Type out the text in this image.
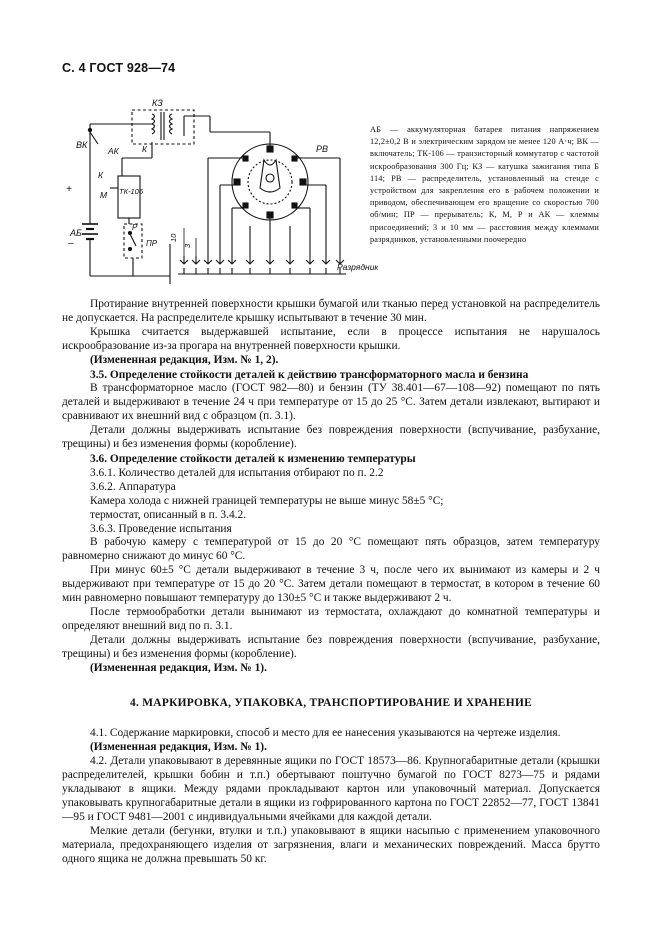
С. 4 ГОСТ 928—74
КЗ
ВК
АК	К
К
М ТК-106
Р
ПР
+
–
АБ
РВ
10
3
Разрядник

АБ — аккумуляторная батарея питания напряжением 12,2±0,2 В и электрическим зарядом не менее 120 А·ч; ВК — включатель; ТК-106 — транзисторный коммутатор с частотой искрообразования 300 Гц; КЗ — катушка зажигания типа Б 114; РВ — распределитель, установленный на стенде с устройством для закрепления его в рабочем положении и приводом, обеспечивающем его вращение со скоростью 700 об/мин; ПР — прерыватель; К, М, Р и АК — клеммы присоединений; 3 и 10 мм — расстояния между клеммами разрядников, установленными поочередно

Протирание внутренней поверхности крышки бумагой или тканью перед установкой на распределитель не допускается. На распределителе крышку испытывают в течение 30 мин.

Крышка считается выдержавшей испытание, если в процессе испытания не нарушалось искрообразование из-за прогара на внутренней поверхности крышки.

(Измененная редакция, Изм. № 1, 2).

3.5. Определение стойкости деталей к действию трансформаторного масла и бензина

В трансформаторное масло (ГОСТ 982—80) и бензин (ТУ 38.401—67—108—92) помещают по пять деталей и выдерживают в течение 24 ч при температуре от 15 до 25 °С. Затем детали извлекают, вытирают и сравнивают их внешний вид с образцом (п. 3.1).

Детали должны выдерживать испытание без повреждения поверхности (вспучивание, разбухание, трещины) и без изменения формы (коробление).

3.6. Определение стойкости деталей к изменению температуры

3.6.1. Количество деталей для испытания отбирают по п. 2.2

3.6.2. Аппаратура

Камера холода с нижней границей температуры не выше минус 58±5 °С;

термостат, описанный в п. 3.4.2.

3.6.3. Проведение испытания

В рабочую камеру с температурой от 15 до 20 °С помещают пять образцов, затем температуру равномерно снижают до минус 60 °С.

При минус 60±5 °С детали выдерживают в течение 3 ч, после чего их вынимают из камеры и 2 ч выдерживают при температуре от 15 до 20 °С. Затем детали помещают в термостат, в котором в течение 60 мин равномерно повышают температуру до 130±5 °С и также выдерживают 2 ч.

После термообработки детали вынимают из термостата, охлаждают до комнатной температуры и определяют внешний вид по п. 3.1.

Детали должны выдерживать испытание без повреждения поверхности (вспучивание, разбухание, трещины) и без изменения формы (коробление).

(Измененная редакция, Изм. № 1).

4. МАРКИРОВКА, УПАКОВКА, ТРАНСПОРТИРОВАНИЕ И ХРАНЕНИЕ

4.1. Содержание маркировки, способ и место для ее нанесения указываются на чертеже изделия.

(Измененная редакция, Изм. № 1).

4.2. Детали упаковывают в деревянные ящики по ГОСТ 18573—86. Крупногабаритные детали (крышки распределителей, крышки бобин и т.п.) обертывают поштучно бумагой по ГОСТ 8273—75 и рядами укладывают в ящики. Между рядами прокладывают картон или упаковочный материал. Допускается упаковывать крупногабаритные детали в ящики из гофрированного картона по ГОСТ 22852—77, ГОСТ 13841—95 и ГОСТ 9481—2001 с индивидуальными ячейками для каждой детали.

Мелкие детали (бегунки, втулки и т.п.) упаковывают в ящики насыпью с применением упаковочного материала, предохраняющего изделия от загрязнения, влаги и механических повреждений. Масса брутто одного ящика не должна превышать 50 кг.
